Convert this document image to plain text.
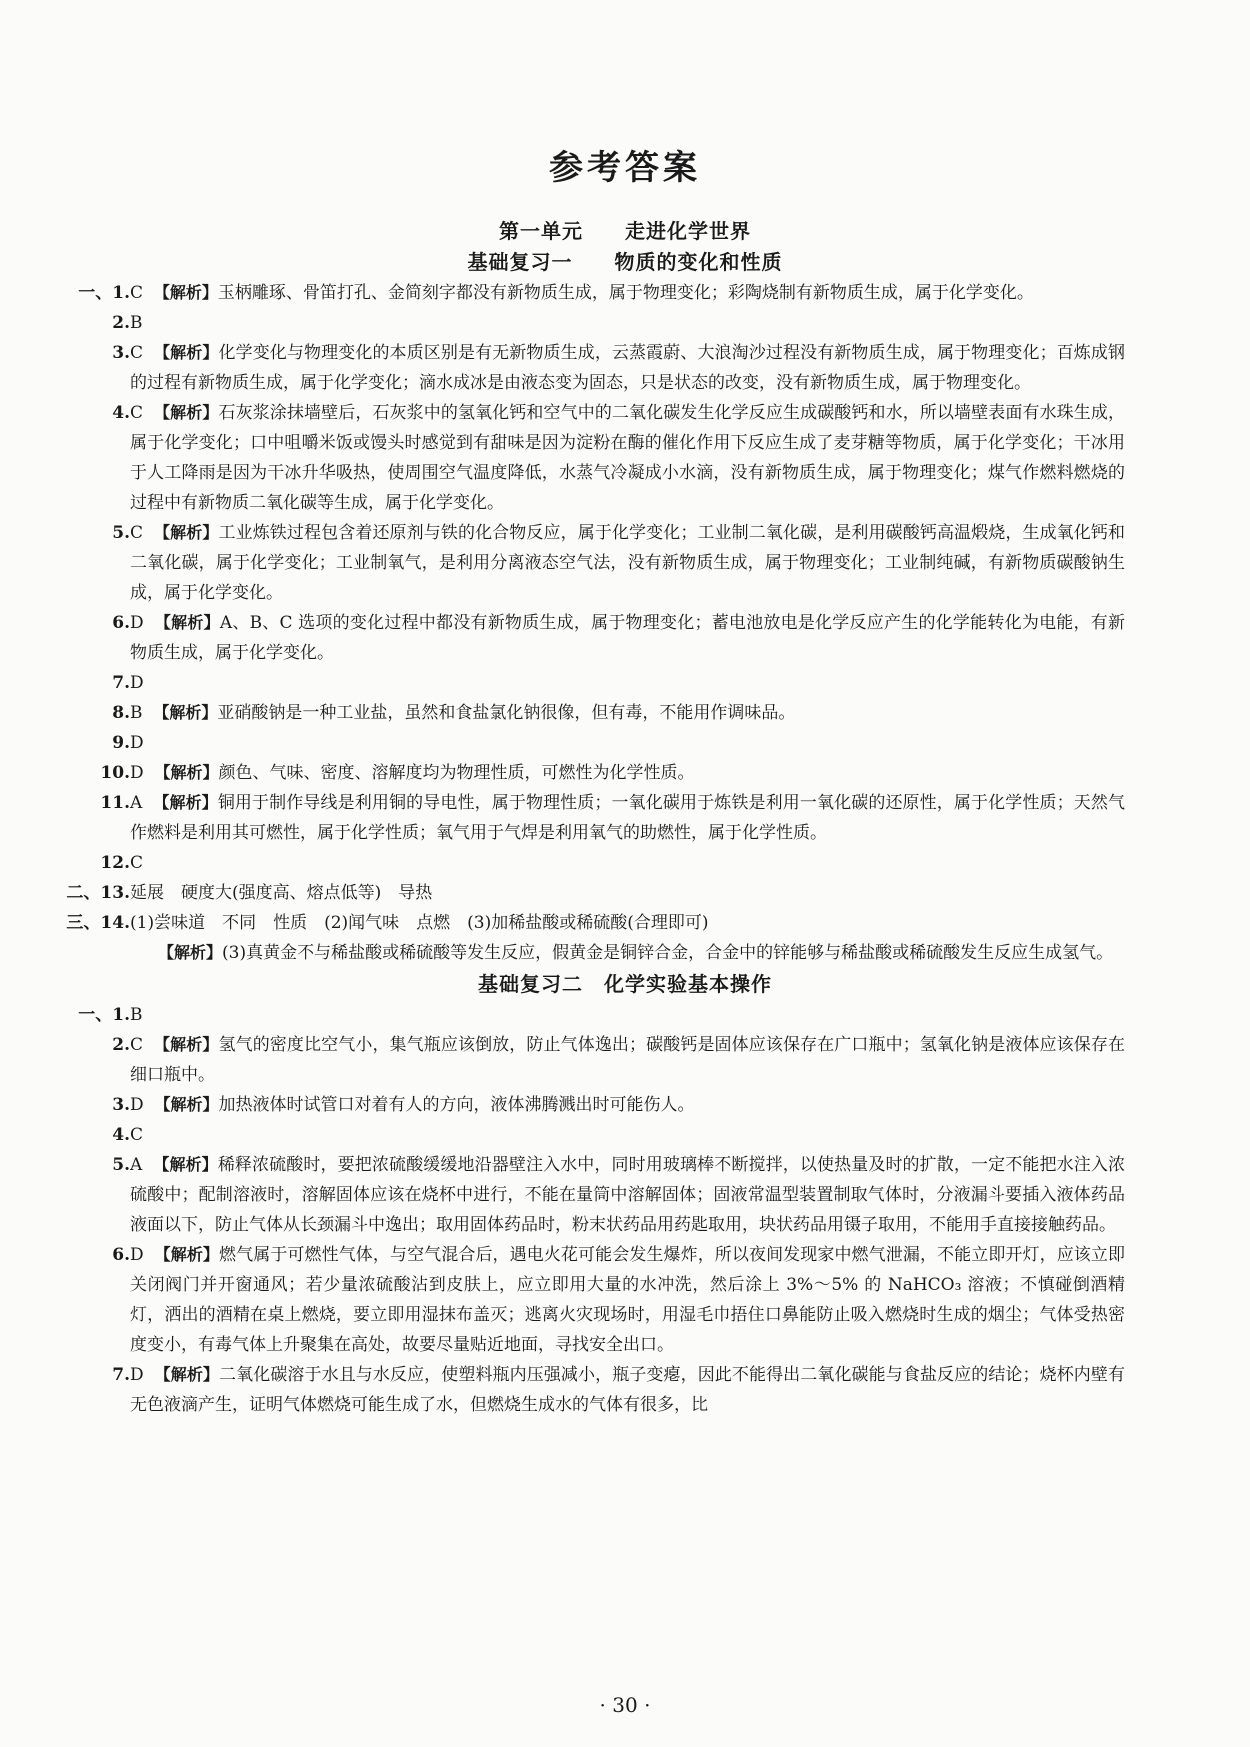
参考答案
第一单元　　走进化学世界
基础复习一　　物质的变化和性质
一、1. C 【解析】玉柄雕琢、骨笛打孔、金简刻字都没有新物质生成，属于物理变化；彩陶烧制有新物质生成，属于化学变化。
2. B
3. C 【解析】化学变化与物理变化的本质区别是有无新物质生成，云蒸霞蔚、大浪淘沙过程没有新物质生成，属于物理变化；百炼成钢的过程有新物质生成，属于化学变化；滴水成冰是由液态变为固态，只是状态的改变，没有新物质生成，属于物理变化。
4. C 【解析】石灰浆涂抹墙壁后，石灰浆中的氢氧化钙和空气中的二氧化碳发生化学反应生成碳酸钙和水，所以墙壁表面有水珠生成，属于化学变化；口中咀嚼米饭或馒头时感觉到有甜味是因为淀粉在酶的催化作用下反应生成了麦芽糖等物质，属于化学变化；干冰用于人工降雨是因为干冰升华吸热，使周围空气温度降低，水蒸气冷凝成小水滴，没有新物质生成，属于物理变化；煤气作燃料燃烧的过程中有新物质二氧化碳等生成，属于化学变化。
5. C 【解析】工业炼铁过程包含着还原剂与铁的化合物反应，属于化学变化；工业制二氧化碳，是利用碳酸钙高温煅烧，生成氧化钙和二氧化碳，属于化学变化；工业制氧气，是利用分离液态空气法，没有新物质生成，属于物理变化；工业制纯碱，有新物质碳酸钠生成，属于化学变化。
6. D 【解析】A、B、C 选项的变化过程中都没有新物质生成，属于物理变化；蓄电池放电是化学反应产生的化学能转化为电能，有新物质生成，属于化学变化。
7. D
8. B 【解析】亚硝酸钠是一种工业盐，虽然和食盐氯化钠很像，但有毒，不能用作调味品。
9. D
10. D 【解析】颜色、气味、密度、溶解度均为物理性质，可燃性为化学性质。
11. A 【解析】铜用于制作导线是利用铜的导电性，属于物理性质；一氧化碳用于炼铁是利用一氧化碳的还原性，属于化学性质；天然气作燃料是利用其可燃性，属于化学性质；氧气用于气焊是利用氧气的助燃性，属于化学性质。
12. C
二、13. 延展　硬度大(强度高、熔点低等)　导热
三、14. (1)尝味道　不同　性质　(2)闻气味　点燃　(3)加稀盐酸或稀硫酸(合理即可)
【解析】(3)真黄金不与稀盐酸或稀硫酸等发生反应，假黄金是铜锌合金，合金中的锌能够与稀盐酸或稀硫酸发生反应生成氢气。
基础复习二　化学实验基本操作
一、1. B
2. C 【解析】氢气的密度比空气小，集气瓶应该倒放，防止气体逸出；碳酸钙是固体应该保存在广口瓶中；氢氧化钠是液体应该保存在细口瓶中。
3. D 【解析】加热液体时试管口对着有人的方向，液体沸腾溅出时可能伤人。
4. C
5. A 【解析】稀释浓硫酸时，要把浓硫酸缓缓地沿器壁注入水中，同时用玻璃棒不断搅拌，以使热量及时的扩散，一定不能把水注入浓硫酸中；配制溶液时，溶解固体应该在烧杯中进行，不能在量筒中溶解固体；固液常温型装置制取气体时，分液漏斗要插入液体药品液面以下，防止气体从长颈漏斗中逸出；取用固体药品时，粉末状药品用药匙取用，块状药品用镊子取用，不能用手直接接触药品。
6. D 【解析】燃气属于可燃性气体，与空气混合后，遇电火花可能会发生爆炸，所以夜间发现家中燃气泄漏，不能立即开灯，应该立即关闭阀门并开窗通风；若少量浓硫酸沾到皮肤上，应立即用大量的水冲洗，然后涂上 3%～5% 的 NaHCO₃ 溶液；不慎碰倒酒精灯，洒出的酒精在桌上燃烧，要立即用湿抹布盖灭；逃离火灾现场时，用湿毛巾捂住口鼻能防止吸入燃烧时生成的烟尘；气体受热密度变小，有毒气体上升聚集在高处，故要尽量贴近地面，寻找安全出口。
7. D 【解析】二氧化碳溶于水且与水反应，使塑料瓶内压强减小，瓶子变瘪，因此不能得出二氧化碳能与食盐反应的结论；烧杯内壁有无色液滴产生，证明气体燃烧可能生成了水，但燃烧生成水的气体有很多，比
· 30 ·
